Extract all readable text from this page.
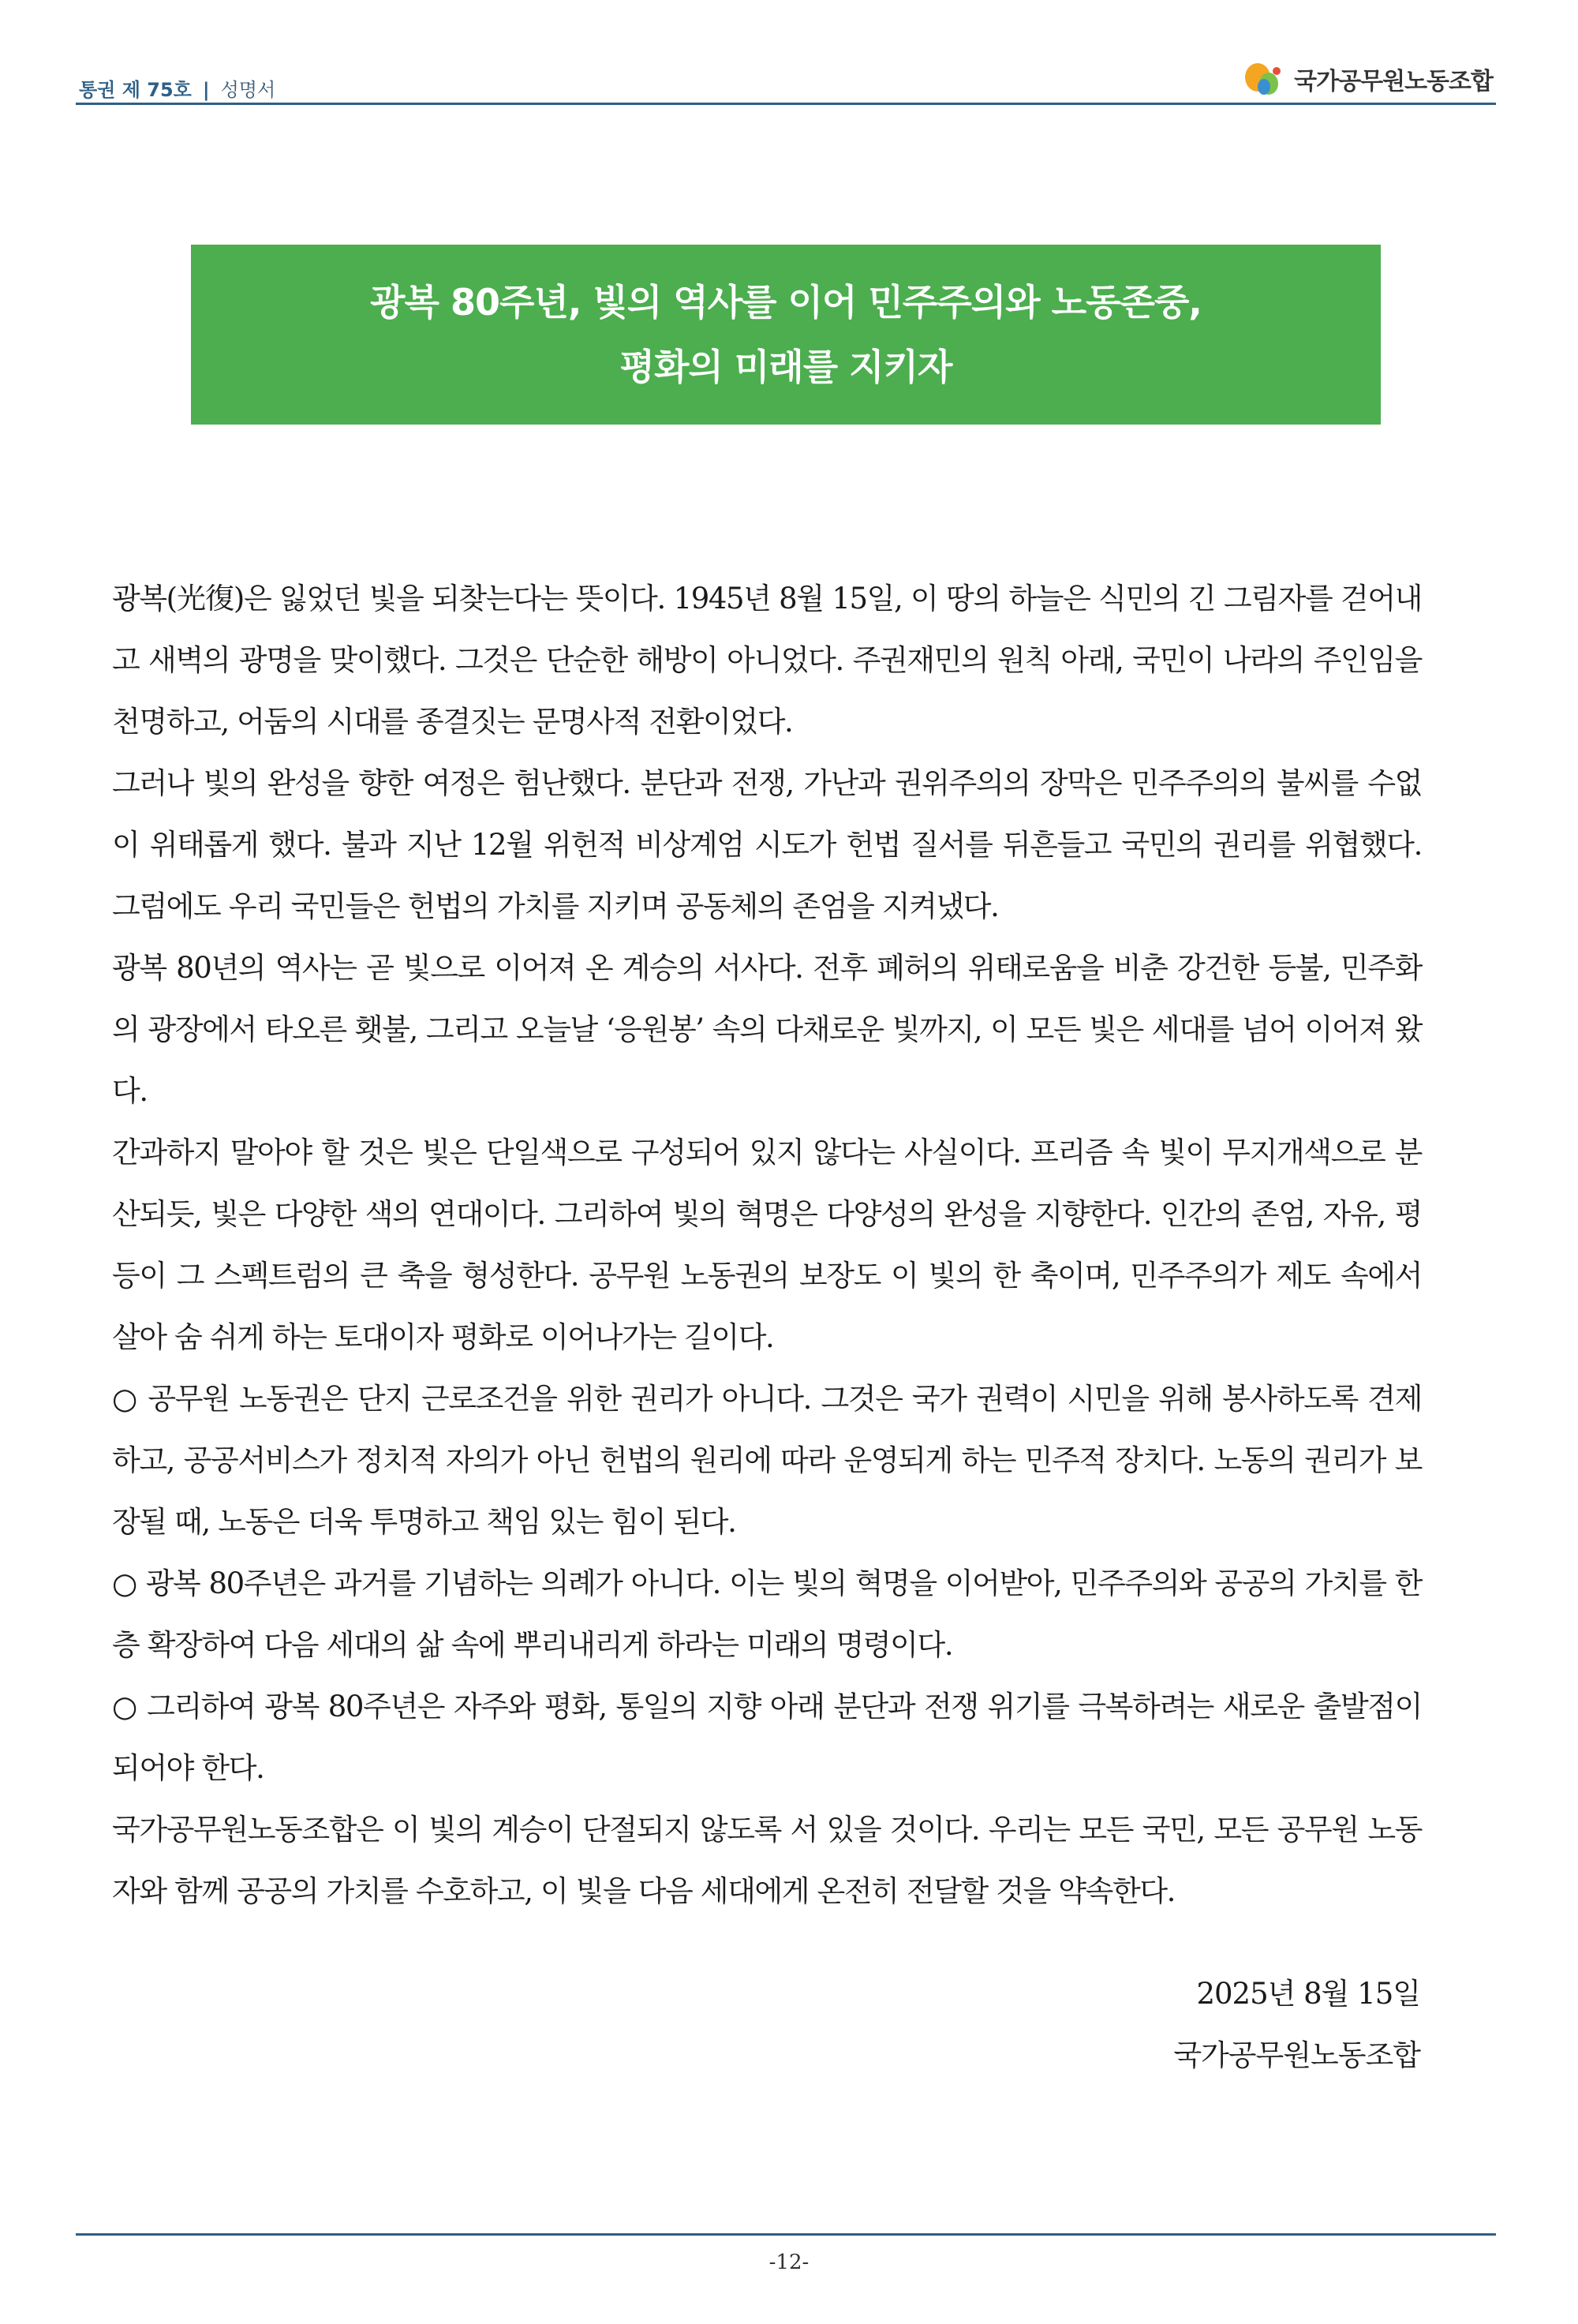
통권 제 75호 | 성명서	국가공무원노동조합
광복 80주년, 빛의 역사를 이어 민주주의와 노동존중,
평화의 미래를 지키자

광복(光復)은 잃었던 빛을 되찾는다는 뜻이다. 1945년 8월 15일, 이 땅의 하늘은 식민의 긴 그림자를 걷어내고 새벽의 광명을 맞이했다. 그것은 단순한 해방이 아니었다. 주권재민의 원칙 아래, 국민이 나라의 주인임을 천명하고, 어둠의 시대를 종결짓는 문명사적 전환이었다.

그러나 빛의 완성을 향한 여정은 험난했다. 분단과 전쟁, 가난과 권위주의의 장막은 민주주의의 불씨를 수없이 위태롭게 했다. 불과 지난 12월 위헌적 비상계엄 시도가 헌법 질서를 뒤흔들고 국민의 권리를 위협했다. 그럼에도 우리 국민들은 헌법의 가치를 지키며 공동체의 존엄을 지켜냈다.

광복 80년의 역사는 곧 빛으로 이어져 온 계승의 서사다. 전후 폐허의 위태로움을 비춘 강건한 등불, 민주화의 광장에서 타오른 횃불, 그리고 오늘날 ‘응원봉’ 속의 다채로운 빛까지, 이 모든 빛은 세대를 넘어 이어져 왔다.

간과하지 말아야 할 것은 빛은 단일색으로 구성되어 있지 않다는 사실이다. 프리즘 속 빛이 무지개색으로 분산되듯, 빛은 다양한 색의 연대이다. 그리하여 빛의 혁명은 다양성의 완성을 지향한다. 인간의 존엄, 자유, 평등이 그 스펙트럼의 큰 축을 형성한다. 공무원 노동권의 보장도 이 빛의 한 축이며, 민주주의가 제도 속에서 살아 숨 쉬게 하는 토대이자 평화로 이어나가는 길이다.

○ 공무원 노동권은 단지 근로조건을 위한 권리가 아니다. 그것은 국가 권력이 시민을 위해 봉사하도록 견제하고, 공공서비스가 정치적 자의가 아닌 헌법의 원리에 따라 운영되게 하는 민주적 장치다. 노동의 권리가 보장될 때, 노동은 더욱 투명하고 책임 있는 힘이 된다.

○ 광복 80주년은 과거를 기념하는 의례가 아니다. 이는 빛의 혁명을 이어받아, 민주주의와 공공의 가치를 한층 확장하여 다음 세대의 삶 속에 뿌리내리게 하라는 미래의 명령이다.

○ 그리하여 광복 80주년은 자주와 평화, 통일의 지향 아래 분단과 전쟁 위기를 극복하려는 새로운 출발점이 되어야 한다.

국가공무원노동조합은 이 빛의 계승이 단절되지 않도록 서 있을 것이다. 우리는 모든 국민, 모든 공무원 노동자와 함께 공공의 가치를 수호하고, 이 빛을 다음 세대에게 온전히 전달할 것을 약속한다.

2025년 8월 15일
국가공무원노동조합
-12-
